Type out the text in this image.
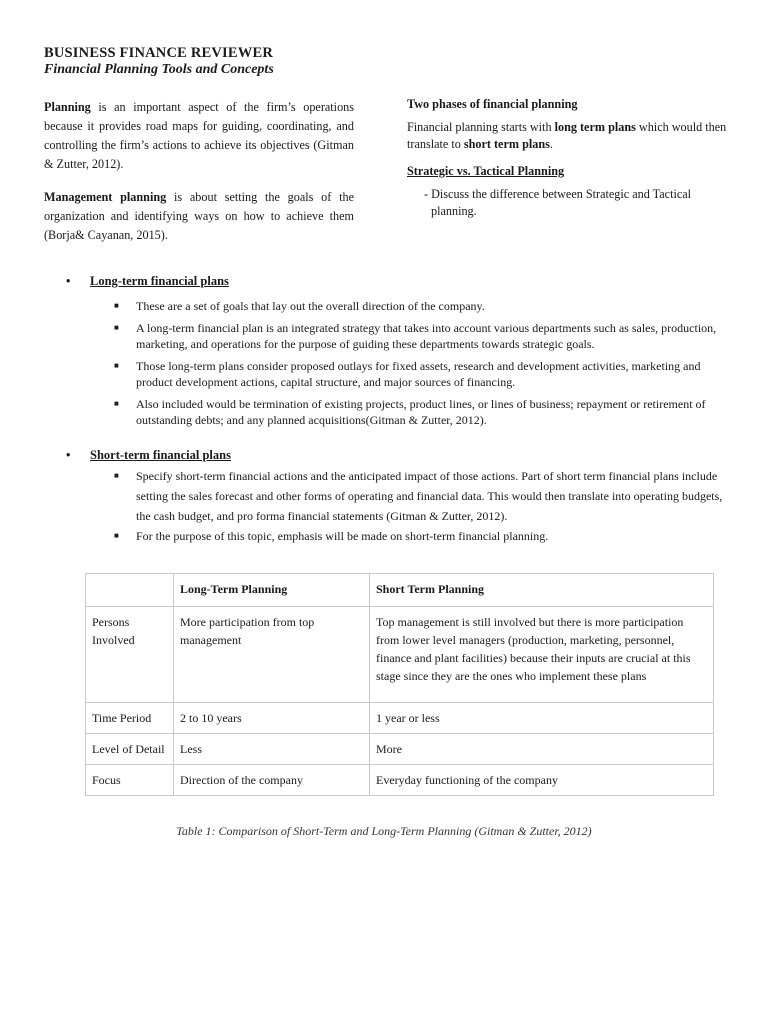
BUSINESS FINANCE REVIEWER
Financial Planning Tools and Concepts

Planning is an important aspect of the firm’s operations because it provides road maps for guiding, coordinating, and controlling the firm’s actions to achieve its objectives (Gitman & Zutter, 2012).

Management planning is about setting the goals of the organization and identifying ways on how to achieve them (Borja& Cayanan, 2015).

Two phases of financial planning

Financial planning starts with long term plans which would then translate to short term plans.

Strategic vs. Tactical Planning

- Discuss the difference between Strategic and Tactical planning.

• Long-term financial plans
■ These are a set of goals that lay out the overall direction of the company.
■ A long-term financial plan is an integrated strategy that takes into account various departments such as sales, production, marketing, and operations for the purpose of guiding these departments towards strategic goals.
■ Those long-term plans consider proposed outlays for fixed assets, research and development activities, marketing and product development actions, capital structure, and major sources of financing.
■ Also included would be termination of existing projects, product lines, or lines of business; repayment or retirement of outstanding debts; and any planned acquisitions(Gitman & Zutter, 2012).
• Short-term financial plans
■ Specify short-term financial actions and the anticipated impact of those actions. Part of short term financial plans include setting the sales forecast and other forms of operating and financial data. This would then translate into operating budgets, the cash budget, and pro forma financial statements (Gitman & Zutter, 2012).
■ For the purpose of this topic, emphasis will be made on short-term financial planning.
	Long-Term Planning	Short Term Planning
Persons Involved	More participation from top management	Top management is still involved but there is more participation from lower level managers (production, marketing, personnel, finance and plant facilities) because their inputs are crucial at this stage since they are the ones who implement these plans
Time Period	2 to 10 years	1 year or less
Level of Detail	Less	More
Focus	Direction of the company	Everyday functioning of the company
Table 1: Comparison of Short-Term and Long-Term Planning (Gitman & Zutter, 2012)
